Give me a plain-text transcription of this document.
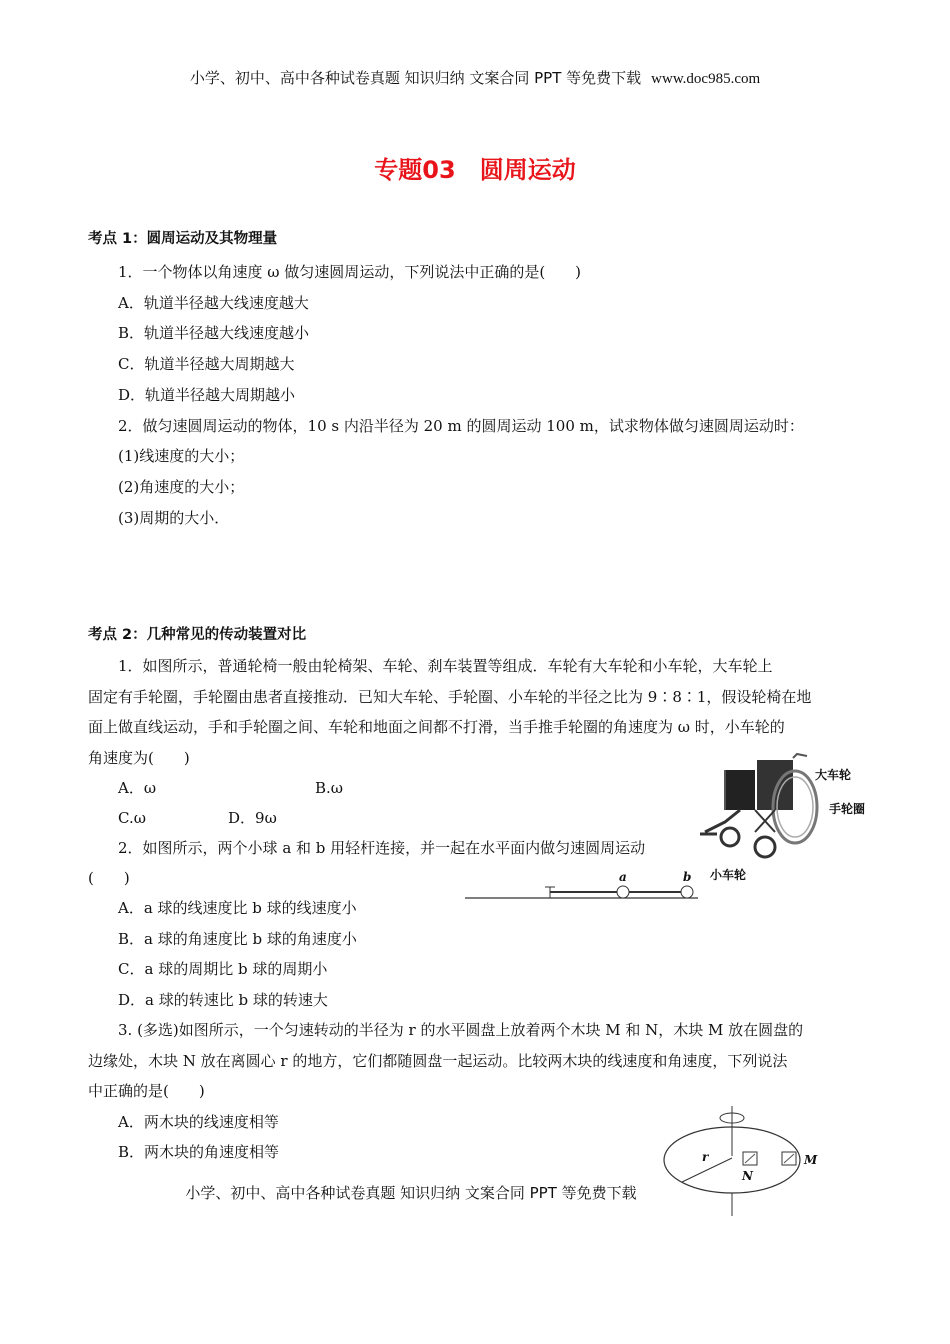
小学、初中、高中各种试卷真题 知识归纳 文案合同 PPT 等免费下载 www.doc985.com
专题03　圆周运动
考点 1：圆周运动及其物理量
1．一个物体以角速度 ω 做匀速圆周运动，下列说法中正确的是(　　)
A．轨道半径越大线速度越大
B．轨道半径越大线速度越小
C．轨道半径越大周期越大
D．轨道半径越大周期越小
2．做匀速圆周运动的物体，10 s 内沿半径为 20 m 的圆周运动 100 m，试求物体做匀速圆周运动时：
(1)线速度的大小；
(2)角速度的大小；
(3)周期的大小．
考点 2：几种常见的传动装置对比
1．如图所示，普通轮椅一般由轮椅架、车轮、刹车装置等组成．车轮有大车轮和小车轮，大车轮上
固定有手轮圈，手轮圈由患者直接推动．已知大车轮、手轮圈、小车轮的半径之比为 9∶8∶1，假设轮椅在地
面上做直线运动，手和手轮圈之间、车轮和地面之间都不打滑，当手推手轮圈的角速度为 ω 时，小车轮的
角速度为(　　)
A．ω	B.ω
C.ω	D．9ω
大车轮
手轮圈
小车轮
2．如图所示，两个小球 a 和 b 用轻杆连接，并一起在水平面内做匀速圆周运动
(　　)	a	b
A．a 球的线速度比 b 球的线速度小
B．a 球的角速度比 b 球的角速度小
C．a 球的周期比 b 球的周期小
D．a 球的转速比 b 球的转速大
3. (多选)如图所示，一个匀速转动的半径为 r 的水平圆盘上放着两个木块 M 和 N，木块 M 放在圆盘的
边缘处，木块 N 放在离圆心 r 的地方，它们都随圆盘一起运动。比较两木块的线速度和角速度，下列说法
中正确的是(　　)
A．两木块的线速度相等
B．两木块的角速度相等	r
N
M
小学、初中、高中各种试卷真题 知识归纳 文案合同 PPT 等免费下载
